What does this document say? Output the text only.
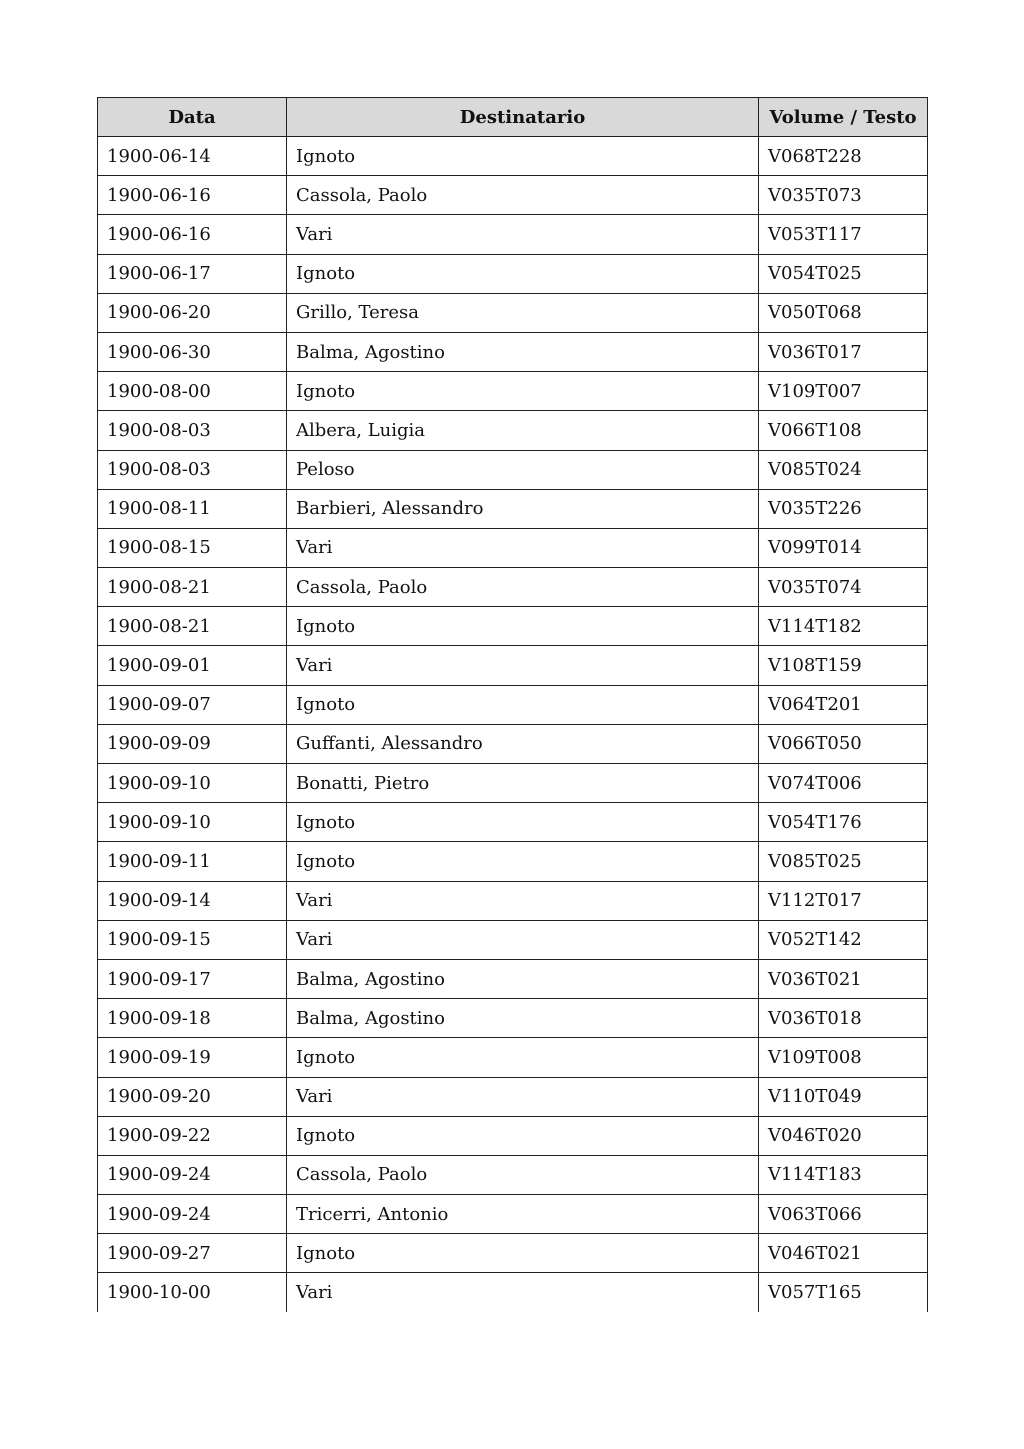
Data	Destinatario	Volume / Testo
1900-06-14	Ignoto	V068T228
1900-06-16	Cassola, Paolo	V035T073
1900-06-16	Vari	V053T117
1900-06-17	Ignoto	V054T025
1900-06-20	Grillo, Teresa	V050T068
1900-06-30	Balma, Agostino	V036T017
1900-08-00	Ignoto	V109T007
1900-08-03	Albera, Luigia	V066T108
1900-08-03	Peloso	V085T024
1900-08-11	Barbieri, Alessandro	V035T226
1900-08-15	Vari	V099T014
1900-08-21	Cassola, Paolo	V035T074
1900-08-21	Ignoto	V114T182
1900-09-01	Vari	V108T159
1900-09-07	Ignoto	V064T201
1900-09-09	Guffanti, Alessandro	V066T050
1900-09-10	Bonatti, Pietro	V074T006
1900-09-10	Ignoto	V054T176
1900-09-11	Ignoto	V085T025
1900-09-14	Vari	V112T017
1900-09-15	Vari	V052T142
1900-09-17	Balma, Agostino	V036T021
1900-09-18	Balma, Agostino	V036T018
1900-09-19	Ignoto	V109T008
1900-09-20	Vari	V110T049
1900-09-22	Ignoto	V046T020
1900-09-24	Cassola, Paolo	V114T183
1900-09-24	Tricerri, Antonio	V063T066
1900-09-27	Ignoto	V046T021
1900-10-00	Vari	V057T165
